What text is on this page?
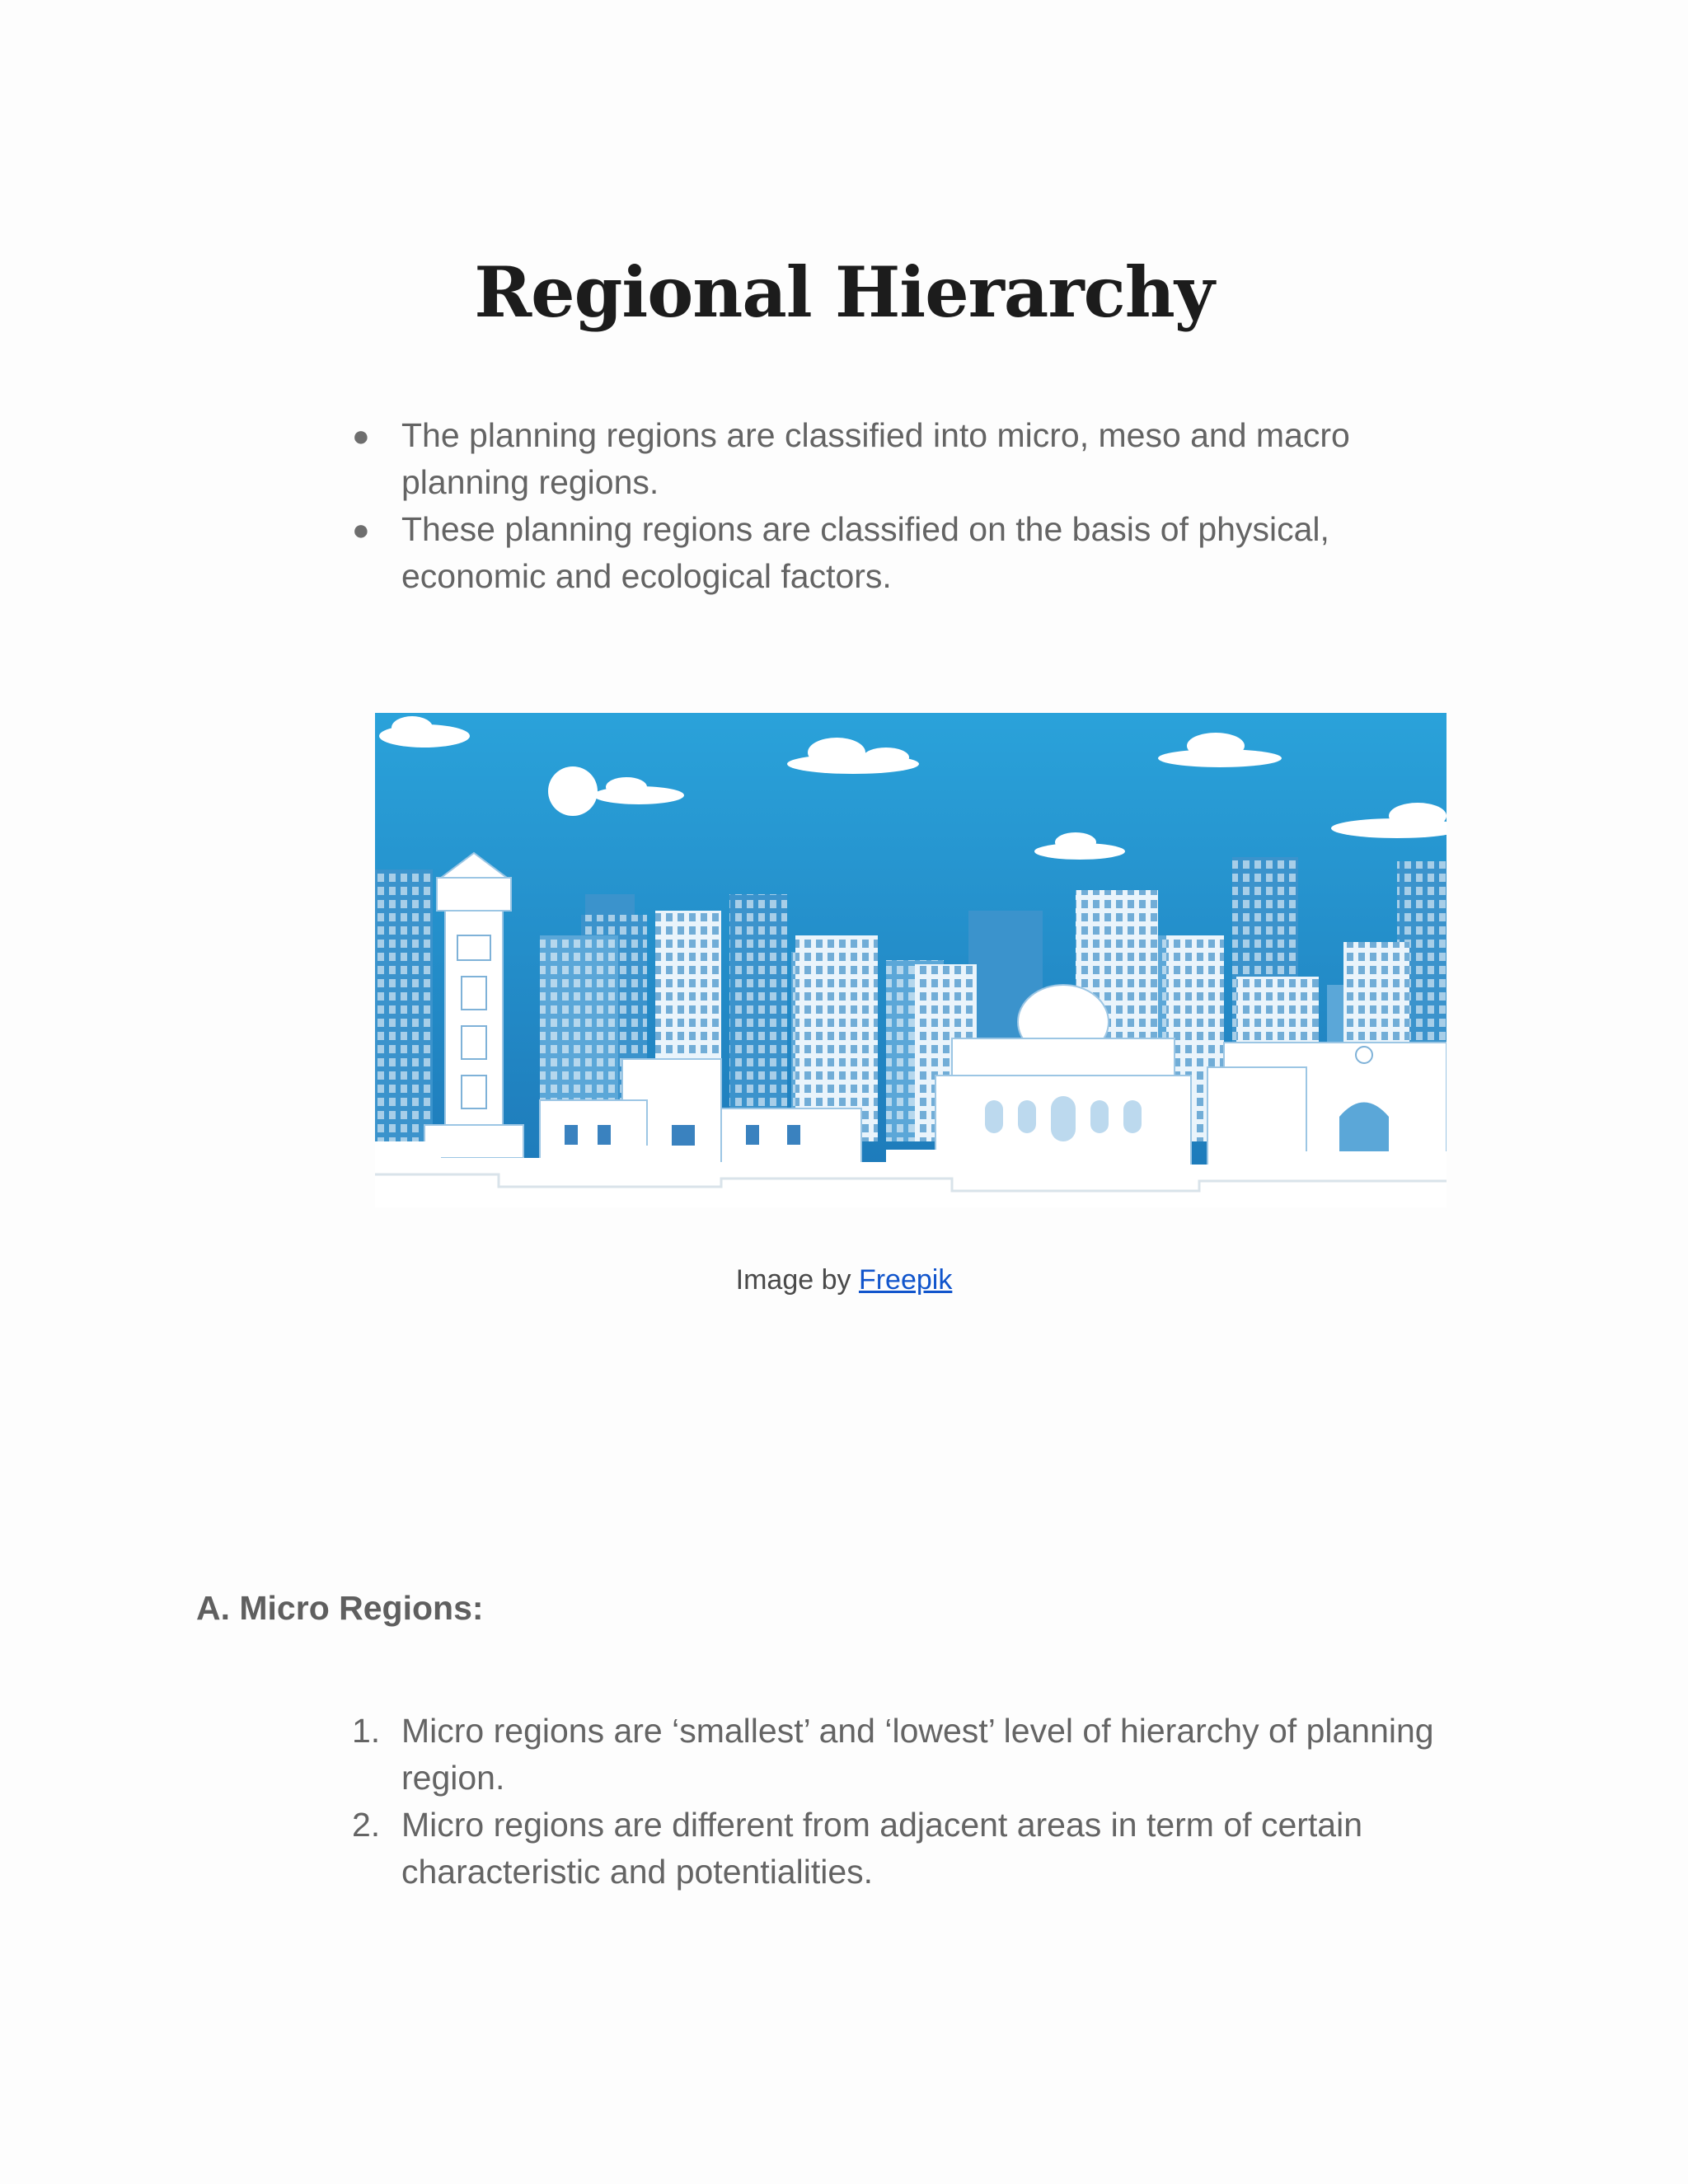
Regional Hierarchy
● The planning regions are classified into micro, meso and macro planning regions.
● These planning regions are classified on the basis of physical, economic and ecological factors.
Image by Freepik
A. Micro Regions:
1. Micro regions are ‘smallest’ and ‘lowest’ level of hierarchy of planning region.
2. Micro regions are different from adjacent areas in term of certain characteristic and potentialities.
